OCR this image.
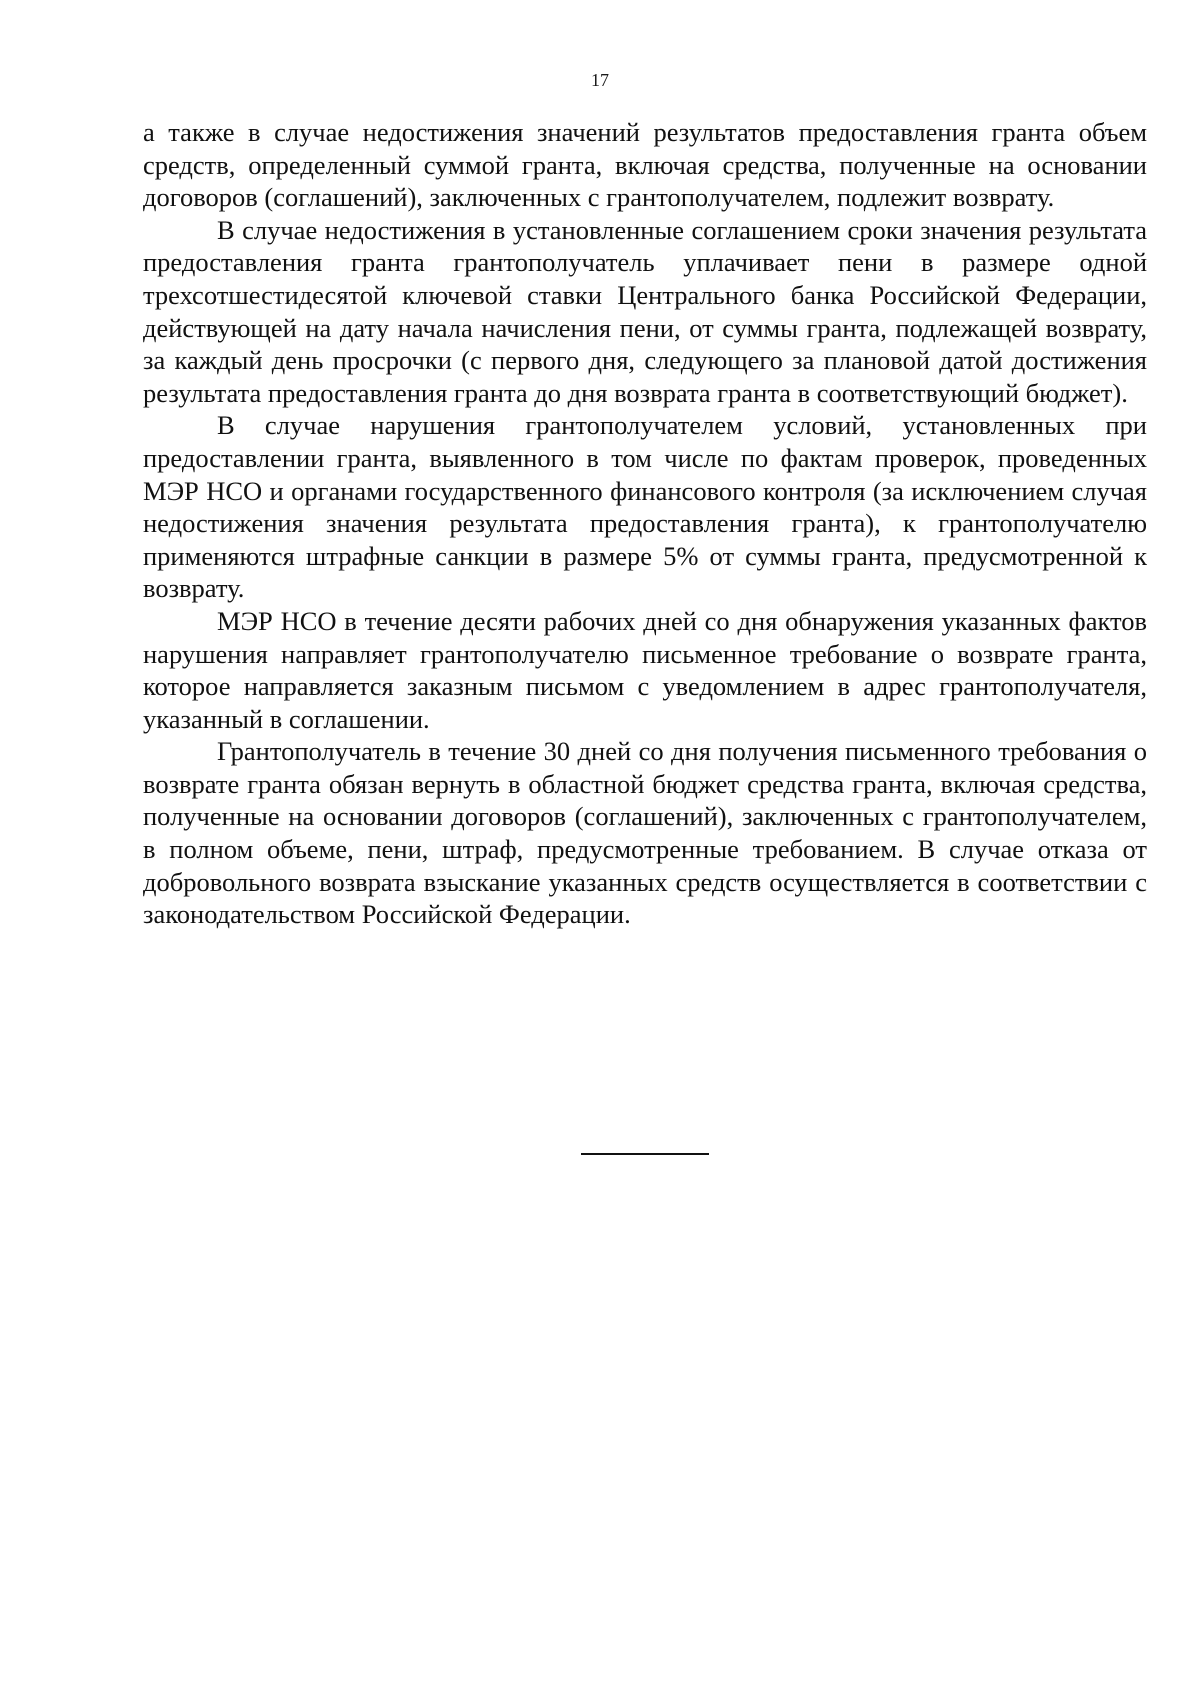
17

а также в случае недостижения значений результатов предоставления гранта объем средств, определенный суммой гранта, включая средства, полученные на основании договоров (соглашений), заключенных с грантополучателем, подлежит возврату.

В случае недостижения в установленные соглашением сроки значения результата предоставления гранта грантополучатель уплачивает пени в размере одной трехсотшестидесятой ключевой ставки Центрального банка Российской Федерации, действующей на дату начала начисления пени, от суммы гранта, подлежащей возврату, за каждый день просрочки (с первого дня, следующего за плановой датой достижения результата предоставления гранта до дня возврата гранта в соответствующий бюджет).

В случае нарушения грантополучателем условий, установленных при предоставлении гранта, выявленного в том числе по фактам проверок, проведенных МЭР НСО и органами государственного финансового контроля (за исключением случая недостижения значения результата предоставления гранта), к грантополучателю применяются штрафные санкции в размере 5% от суммы гранта, предусмотренной к возврату.

МЭР НСО в течение десяти рабочих дней со дня обнаружения указанных фактов нарушения направляет грантополучателю письменное требование о возврате гранта, которое направляется заказным письмом с уведомлением в адрес грантополучателя, указанный в соглашении.

Грантополучатель в течение 30 дней со дня получения письменного требования о возврате гранта обязан вернуть в областной бюджет средства гранта, включая средства, полученные на основании договоров (соглашений), заключенных с грантополучателем, в полном объеме, пени, штраф, предусмотренные требованием. В случае отказа от добровольного возврата взыскание указанных средств осуществляется в соответствии с законодательством Российской Федерации.
